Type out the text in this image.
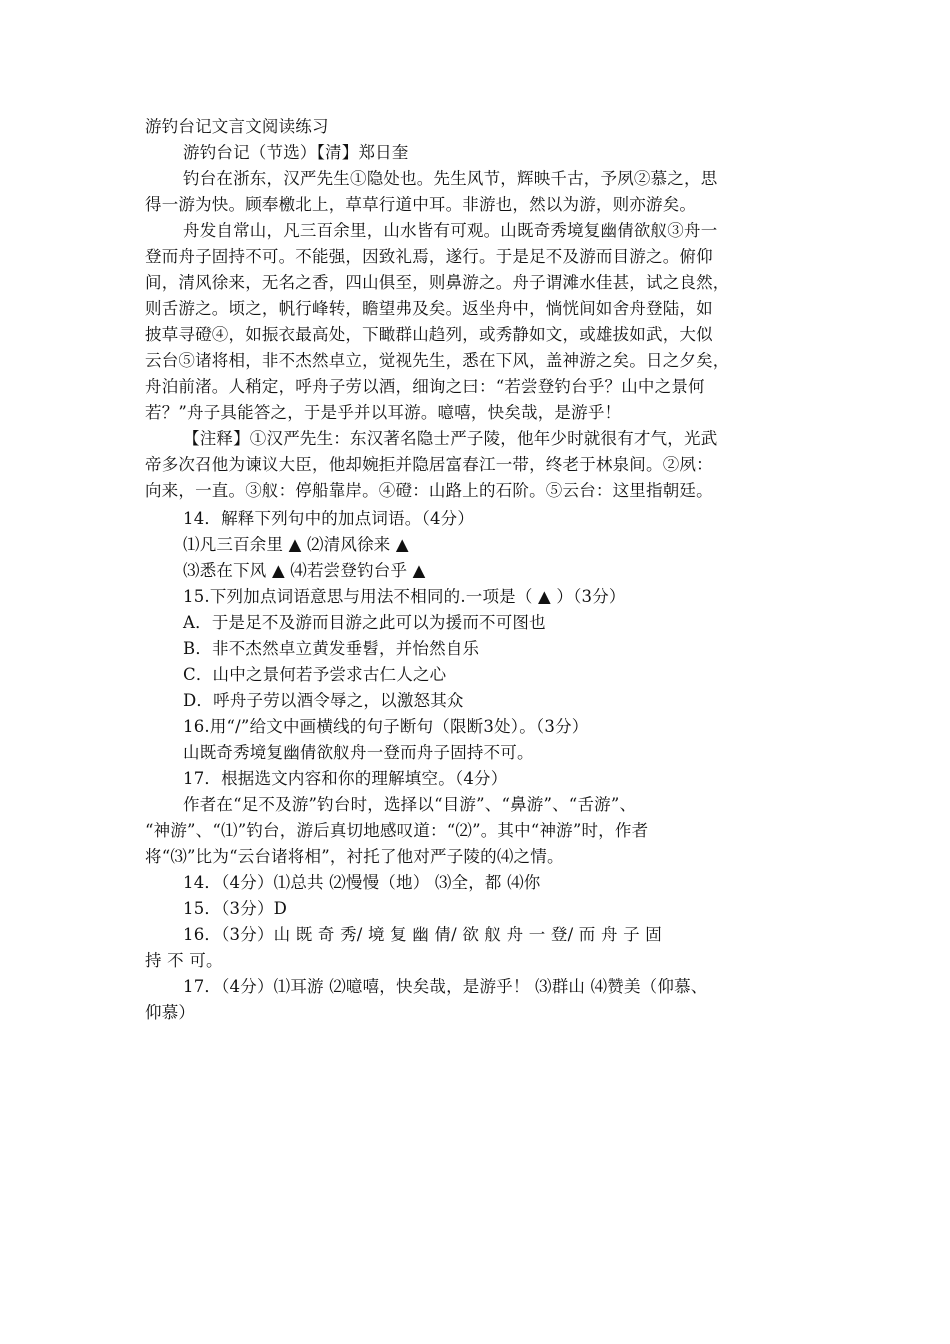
游钓台记文言文阅读练习
游钓台记（节选）【清】郑日奎
钓台在浙东，汉严先生①隐处也。先生风节，辉映千古，予夙②慕之，思
得一游为快。顾奉檄北上，草草行道中耳。非游也，然以为游，则亦游矣。
舟发自常山，凡三百余里，山水皆有可观。山既奇秀境复幽倩欲舣③舟一
登而舟子固持不可。不能强，因致礼焉，遂行。于是足不及游而目游之。俯仰
间，清风徐来，无名之香，四山俱至，则鼻游之。舟子谓滩水佳甚，试之良然，
则舌游之。顷之，帆行峰转，瞻望弗及矣。返坐舟中，惝恍间如舍舟登陆，如
披草寻磴④，如振衣最高处，下瞰群山趋列，或秀静如文，或雄拔如武，大似
云台⑤诸将相，非不杰然卓立，觉视先生，悉在下风，盖神游之矣。日之夕矣，
舟泊前渚。人稍定，呼舟子劳以酒，细询之曰：“若尝登钓台乎？山中之景何
若？”舟子具能答之，于是乎并以耳游。噫嘻，快矣哉，是游乎！
【注释】①汉严先生：东汉著名隐士严子陵，他年少时就很有才气，光武
帝多次召他为谏议大臣，他却婉拒并隐居富春江一带，终老于林泉间。②夙：
向来，一直。③舣：停船靠岸。④磴：山路上的石阶。⑤云台：这里指朝廷。
14．解释下列句中的加点词语。（4分）
⑴凡三百余里 ▲ ⑵清风徐来 ▲
⑶悉在下风 ▲ ⑷若尝登钓台乎 ▲
15.下列加点词语意思与用法不相同的.一项是（ ▲ ）（3分）
A．于是足不及游而目游之此可以为援而不可图也
B．非不杰然卓立黄发垂髫，并怡然自乐
C．山中之景何若予尝求古仁人之心
D．呼舟子劳以酒令辱之，以激怒其众
16.用“/”给文中画横线的句子断句（限断3处）。（3分）
山既奇秀境复幽倩欲舣舟一登而舟子固持不可。
17．根据选文内容和你的理解填空。（4分）
作者在“足不及游”钓台时，选择以“目游”、“鼻游”、“舌游”、
“神游”、“⑴”钓台，游后真切地感叹道：“⑵”。其中“神游”时，作者
将“⑶”比为“云台诸将相”，衬托了他对严子陵的⑷之情。
14．（4分）⑴总共 ⑵慢慢（地） ⑶全，都 ⑷你
15．（3分）D
16．（3分）山 既 奇 秀/ 境 复 幽 倩/ 欲 舣 舟 一 登/ 而 舟 子 固
持 不 可。
17．（4分）⑴耳游 ⑵噫嘻，快矣哉，是游乎！ ⑶群山 ⑷赞美（仰慕、
仰慕）
